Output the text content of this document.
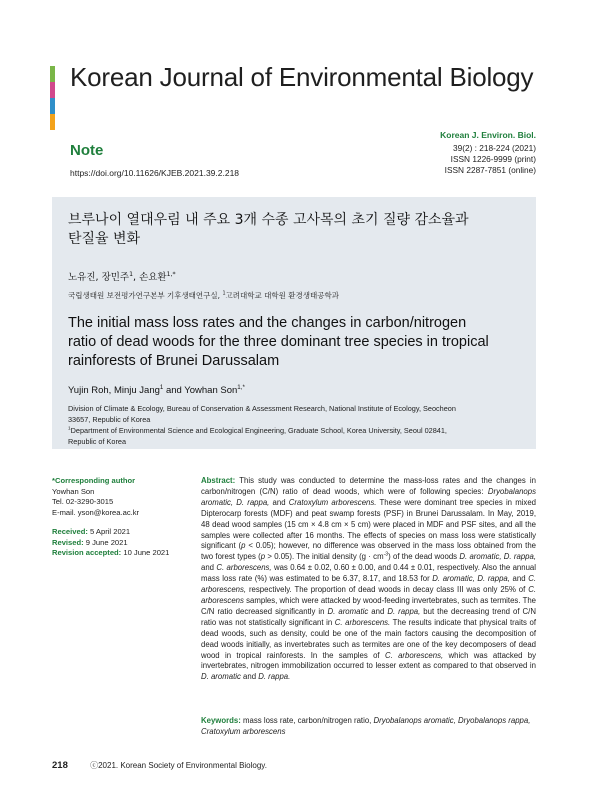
Korean Journal of Environmental Biology
Note
https://doi.org/10.11626/KJEB.2021.39.2.218
Korean J. Environ. Biol.
39(2) : 218-224 (2021)
ISSN 1226-9999 (print)
ISSN 2287-7851 (online)
브루나이 열대우림 내 주요 3개 수종 고사목의 초기 질량 감소율과
탄질율 변화
노유진, 장민주$^1$, 손요환$^{1,*}$
국립생태원 보전평가연구본부 기후생태연구실, $^1$고려대학교 대학원 환경생태공학과
The initial mass loss rates and the changes in carbon/nitrogen
ratio of dead woods for the three dominant tree species in tropical
rainforests of Brunei Darussalam
Yujin Roh, Minju Jang$^1$ and Yowhan Son$^{1,*}$
Division of Climate & Ecology, Bureau of Conservation & Assessment Research, National Institute of Ecology, Seocheon
33657, Republic of Korea
$^1$Department of Environmental Science and Ecological Engineering, Graduate School, Korea University, Seoul 02841,
Republic of Korea
*Corresponding author
Yowhan Son
Tel. 02-3290-3015
E-mail. yson@korea.ac.kr
Received: 5 April 2021
Revised: 9 June 2021
Revision accepted: 10 June 2021
Abstract: This study was conducted to determine the mass-loss rates and the changes in carbon/nitrogen (C/N) ratio of dead woods, which were of following species: Dryobalanops aromatic, D. rappa, and Cratoxylum arborescens. These were dominant tree species in mixed Dipterocarp forests (MDF) and peat swamp forests (PSF) in Brunei Darussalam. In May, 2019, 48 dead wood samples (15 cm × 4.8 cm × 5 cm) were placed in MDF and PSF sites, and all the samples were collected after 16 months. The effects of species on mass loss were statistically significant (p < 0.05); however, no difference was observed in the mass loss obtained from the two forest types (p > 0.05). The initial density $(g \cdot cm^{-3})$ of the dead woods D. aromatic, D. rappa, and C. arborescens, was 0.64 ± 0.02, 0.60 ± 0.00, and 0.44 ± 0.01, respectively. Also the annual mass loss rate (%) was estimated to be 6.37, 8.17, and 18.53 for D. aromatic, D. rappa, and C. arborescens, respectively. The proportion of dead woods in decay class III was only 25% of C. arborescens samples, which were attacked by wood-feeding invertebrates, such as termites. The C/N ratio decreased significantly in D. aromatic and D. rappa, but the decreasing trend of C/N ratio was not statistically significant in C. arborescens. The results indicate that physical traits of dead woods, such as density, could be one of the main factors causing the decomposition of dead woods initially, as invertebrates such as termites are one of the key decomposers of dead wood in tropical rainforests. In the samples of C. arborescens, which was attacked by invertebrates, nitrogen immobilization occurred to lesser extent as compared to that observed in D. aromatic and D. rappa.
Keywords: mass loss rate, carbon/nitrogen ratio, Dryobalanops aromatic, Dryobalanops rappa, Cratoxylum arborescens
218	ⓒ2021. Korean Society of Environmental Biology.
